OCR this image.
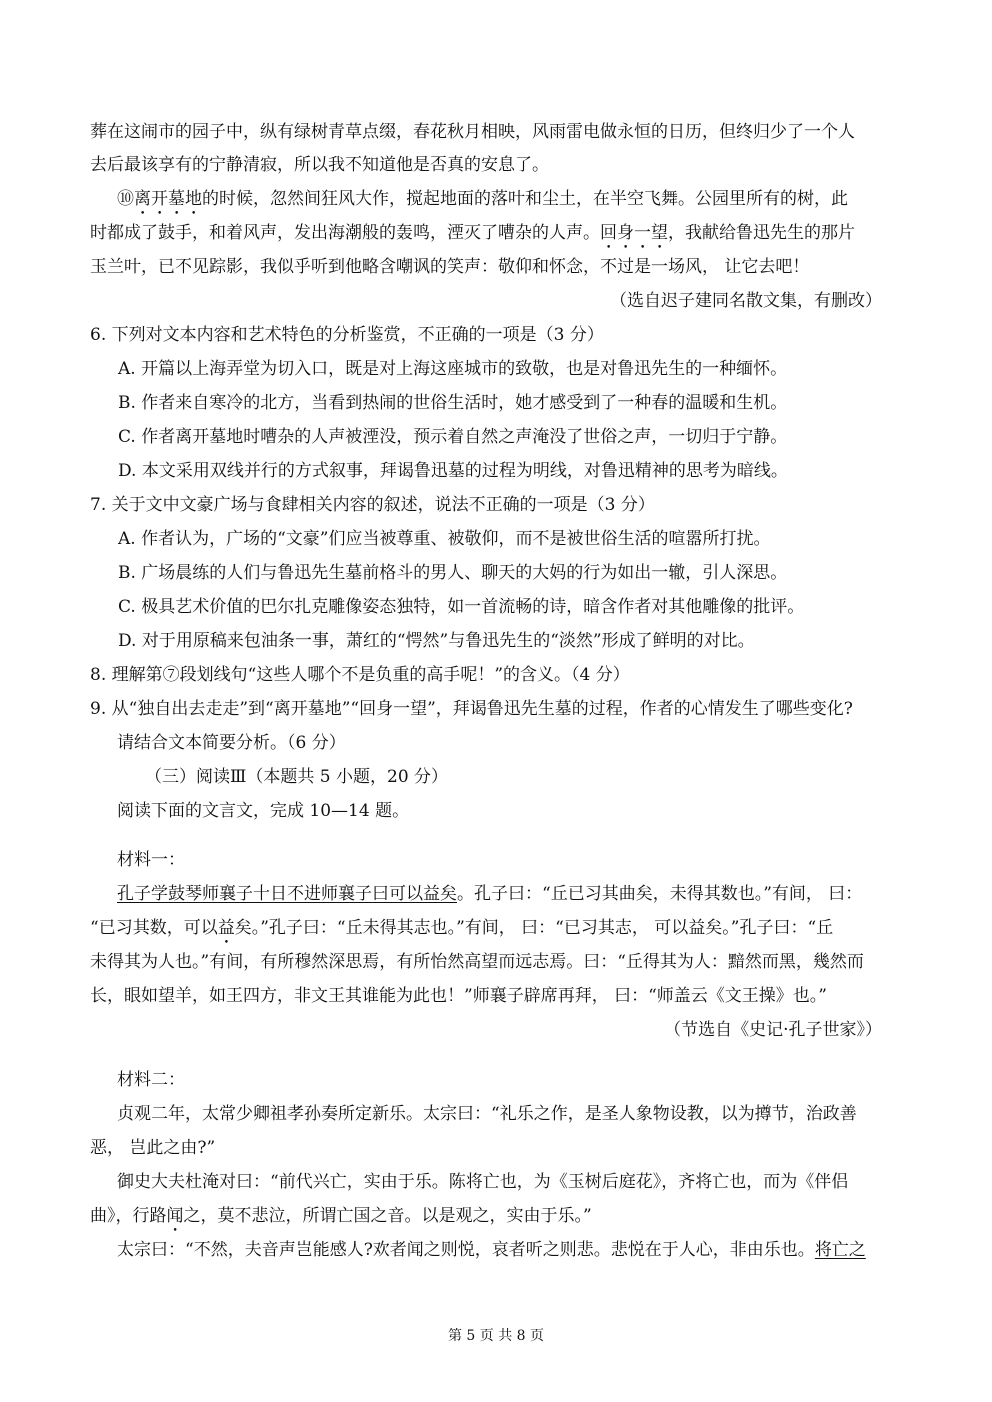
葬在这闹市的园子中，纵有绿树青草点缀，春花秋月相映，风雨雷电做永恒的日历，但终归少了一个人
去后最该享有的宁静清寂，所以我不知道他是否真的安息了。
⑩离开墓地的时候，忽然间狂风大作，搅起地面的落叶和尘土，在半空飞舞。公园里所有的树，此
时都成了鼓手，和着风声，发出海潮般的轰鸣，湮灭了嘈杂的人声。回身一望，我献给鲁迅先生的那片
玉兰叶，已不见踪影，我似乎听到他略含嘲讽的笑声：敬仰和怀念，不过是一场风， 让它去吧！
（选自迟子建同名散文集，有删改）
6. 下列对文本内容和艺术特色的分析鉴赏，不正确的一项是（3 分）
A. 开篇以上海弄堂为切入口，既是对上海这座城市的致敬，也是对鲁迅先生的一种缅怀。
B. 作者来自寒冷的北方，当看到热闹的世俗生活时，她才感受到了一种春的温暖和生机。
C. 作者离开墓地时嘈杂的人声被湮没，预示着自然之声淹没了世俗之声，一切归于宁静。
D. 本文采用双线并行的方式叙事，拜谒鲁迅墓的过程为明线，对鲁迅精神的思考为暗线。
7. 关于文中文豪广场与食肆相关内容的叙述，说法不正确的一项是（3 分）
A. 作者认为，广场的“文豪”们应当被尊重、被敬仰，而不是被世俗生活的喧嚣所打扰。
B. 广场晨练的人们与鲁迅先生墓前格斗的男人、聊天的大妈的行为如出一辙，引人深思。
C. 极具艺术价值的巴尔扎克雕像姿态独特，如一首流畅的诗，暗含作者对其他雕像的批评。
D. 对于用原稿来包油条一事，萧红的“愕然”与鲁迅先生的“淡然”形成了鲜明的对比。
8. 理解第⑦段划线句“这些人哪个不是负重的高手呢！”的含义。（4 分）
9. 从“独自出去走走”到“离开墓地”“回身一望”，拜谒鲁迅先生墓的过程，作者的心情发生了哪些变化?
请结合文本简要分析。（6 分）
（三）阅读Ⅲ（本题共 5 小题，20 分）
阅读下面的文言文，完成 10—14 题。
材料一：
孔子学鼓琴师襄子十日不进师襄子曰可以益矣。孔子曰：“丘已习其曲矣，未得其数也。”有间， 曰：
“已习其数，可以益矣。”孔子曰：“丘未得其志也。”有间， 曰：“已习其志， 可以益矣。”孔子曰：“丘
未得其为人也。”有间，有所穆然深思焉，有所怡然高望而远志焉。曰：“丘得其为人：黯然而黑，幾然而
长，眼如望羊，如王四方，非文王其谁能为此也！”师襄子辟席再拜， 曰：“师盖云《文王操》也。”
（节选自《史记·孔子世家》）
材料二：
贞观二年，太常少卿祖孝孙奏所定新乐。太宗曰：“礼乐之作，是圣人象物设教，以为撙节，治政善
恶， 岂此之由?”
御史大夫杜淹对曰：“前代兴亡，实由于乐。陈将亡也，为《玉树后庭花》，齐将亡也，而为《伴侣
曲》，行路闻之，莫不悲泣，所谓亡国之音。以是观之，实由于乐。”
太宗曰：“不然，夫音声岂能感人?欢者闻之则悦，哀者听之则悲。悲悦在于人心，非由乐也。将亡之
第 5 页 共 8 页
